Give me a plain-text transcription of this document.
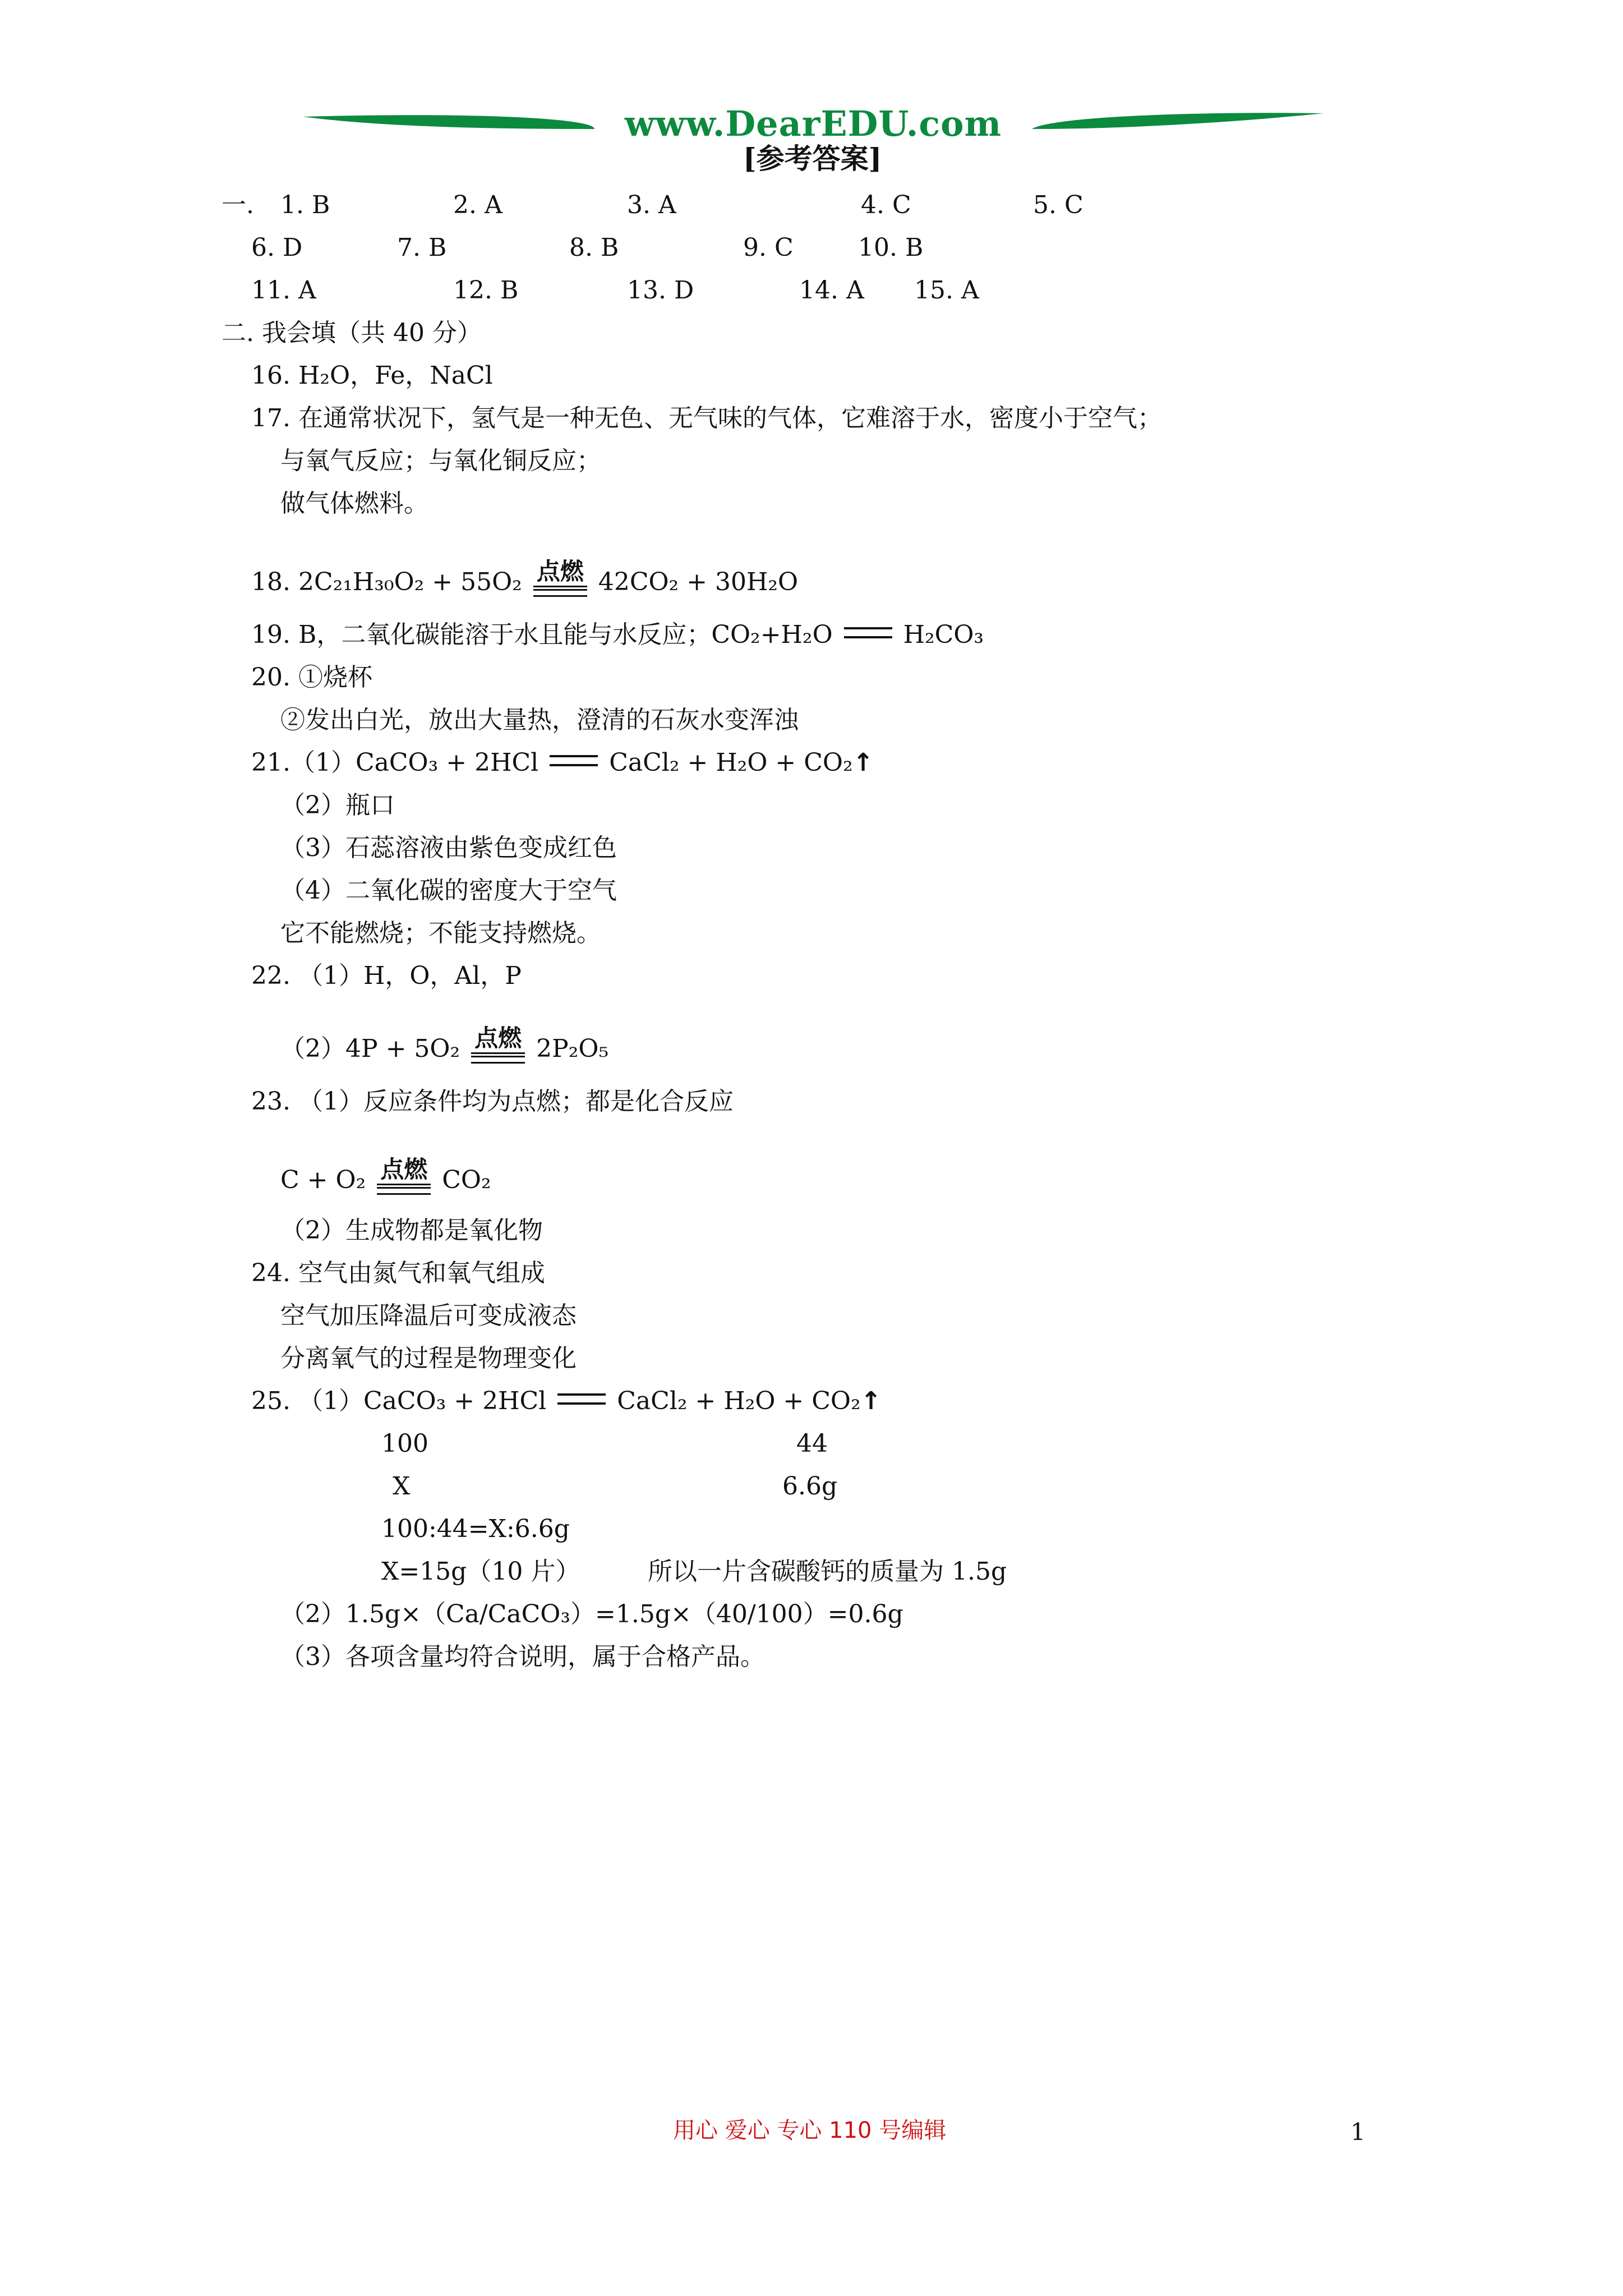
www.DearEDU.com
[参考答案]
一. 1. B	2. A	3. A	4. C	5. C
6. D	7. B	8. B	9. C	10. B
11. A	12. B	13. D	14. A 15. A
二. 我会填（共 40 分）
16. H₂O，Fe，NaCl
17. 在通常状况下，氢气是一种无色、无气味的气体，它难溶于水，密度小于空气；
与氧气反应；与氧化铜反应；
做气体燃料。
18. 2C₂₁H₃₀O₂ + 55O₂ 点燃 42CO₂ + 30H₂O
19. B，二氧化碳能溶于水且能与水反应；CO₂+H₂O	H₂CO₃
20. ①烧杯
②发出白光，放出大量热，澄清的石灰水变浑浊
21.（1）CaCO₃ + 2HCl	CaCl₂ + H₂O + CO₂↑
（2）瓶口
（3）石蕊溶液由紫色变成红色
（4）二氧化碳的密度大于空气
它不能燃烧；不能支持燃烧。
22. （1）H，O，Al，P
（2）4P + 5O₂ 点燃 2P₂O₅
23. （1）反应条件均为点燃；都是化合反应
C + O₂ 点燃 CO₂
（2）生成物都是氧化物
24. 空气由氮气和氧气组成
空气加压降温后可变成液态
分离氧气的过程是物理变化
25. （1）CaCO₃ + 2HCl	CaCl₂ + H₂O + CO₂↑
100	44
X	6.6g
100:44=X:6.6g
X=15g（10 片）	所以一片含碳酸钙的质量为 1.5g
（2）1.5g×（Ca/CaCO₃）=1.5g×（40/100）=0.6g
（3）各项含量均符合说明，属于合格产品。
用心 爱心 专心 110 号编辑	1
